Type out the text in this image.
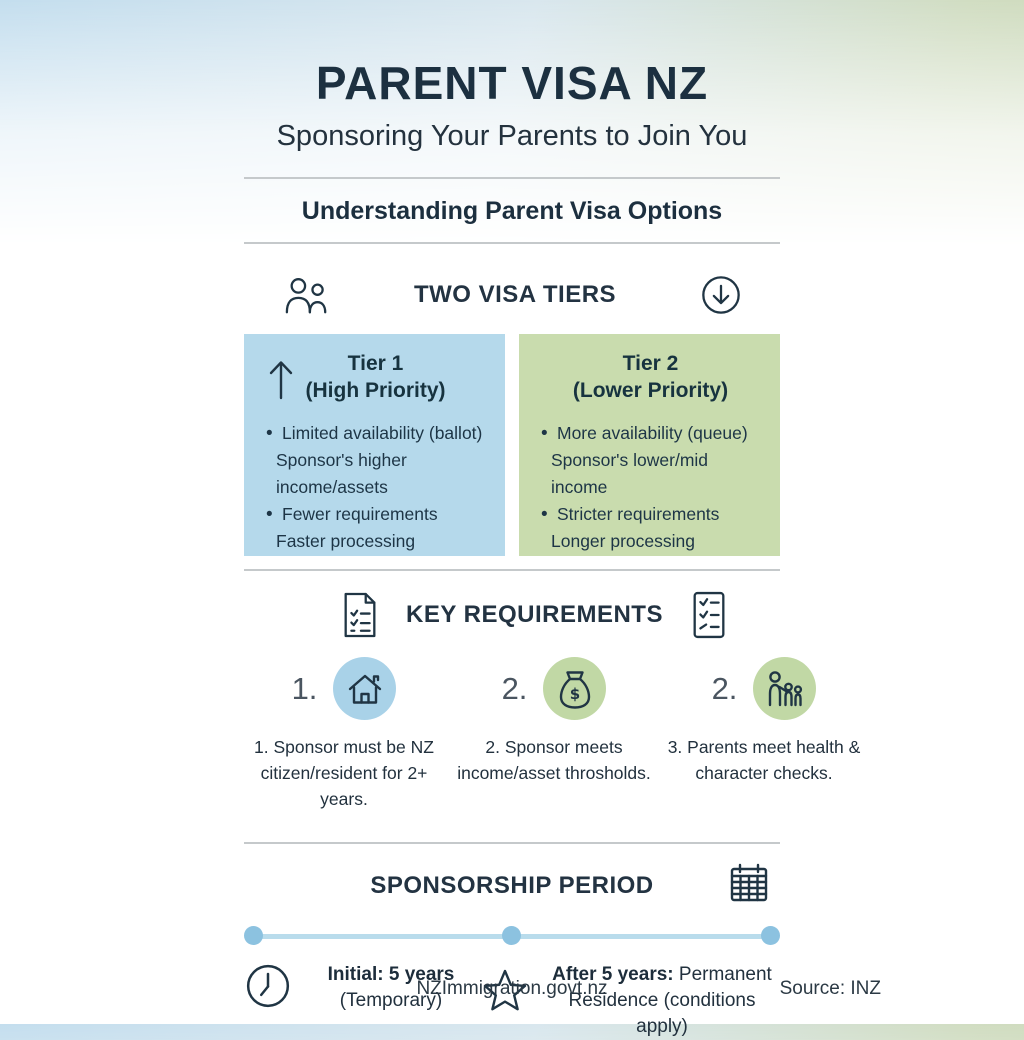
PARENT VISA NZ
Sponsoring Your Parents to Join You
Understanding Parent Visa Options
TWO VISA TIERS
Tier 1
(High Priority)
• Limited availability (ballot)
Sponsor's higher income/assets
• Fewer requirements
Faster processing
Tier 2
(Lower Priority)
• More availability (queue)
Sponsor's lower/mid income
• Stricter requirements
Longer processing
KEY REQUIREMENTS
1.	2.	$	2.
1. Sponsor must be NZ citizen/resident for 2+ years.
2. Sponsor meets income/asset throsholds.
3. Parents meet health & character checks.
SPONSORSHIP PERIOD
Initial: 5 years (Temporary)
After 5 years: Permanent Residence (conditions apply)
NZImmigration.govt.nz	Source: INZ
